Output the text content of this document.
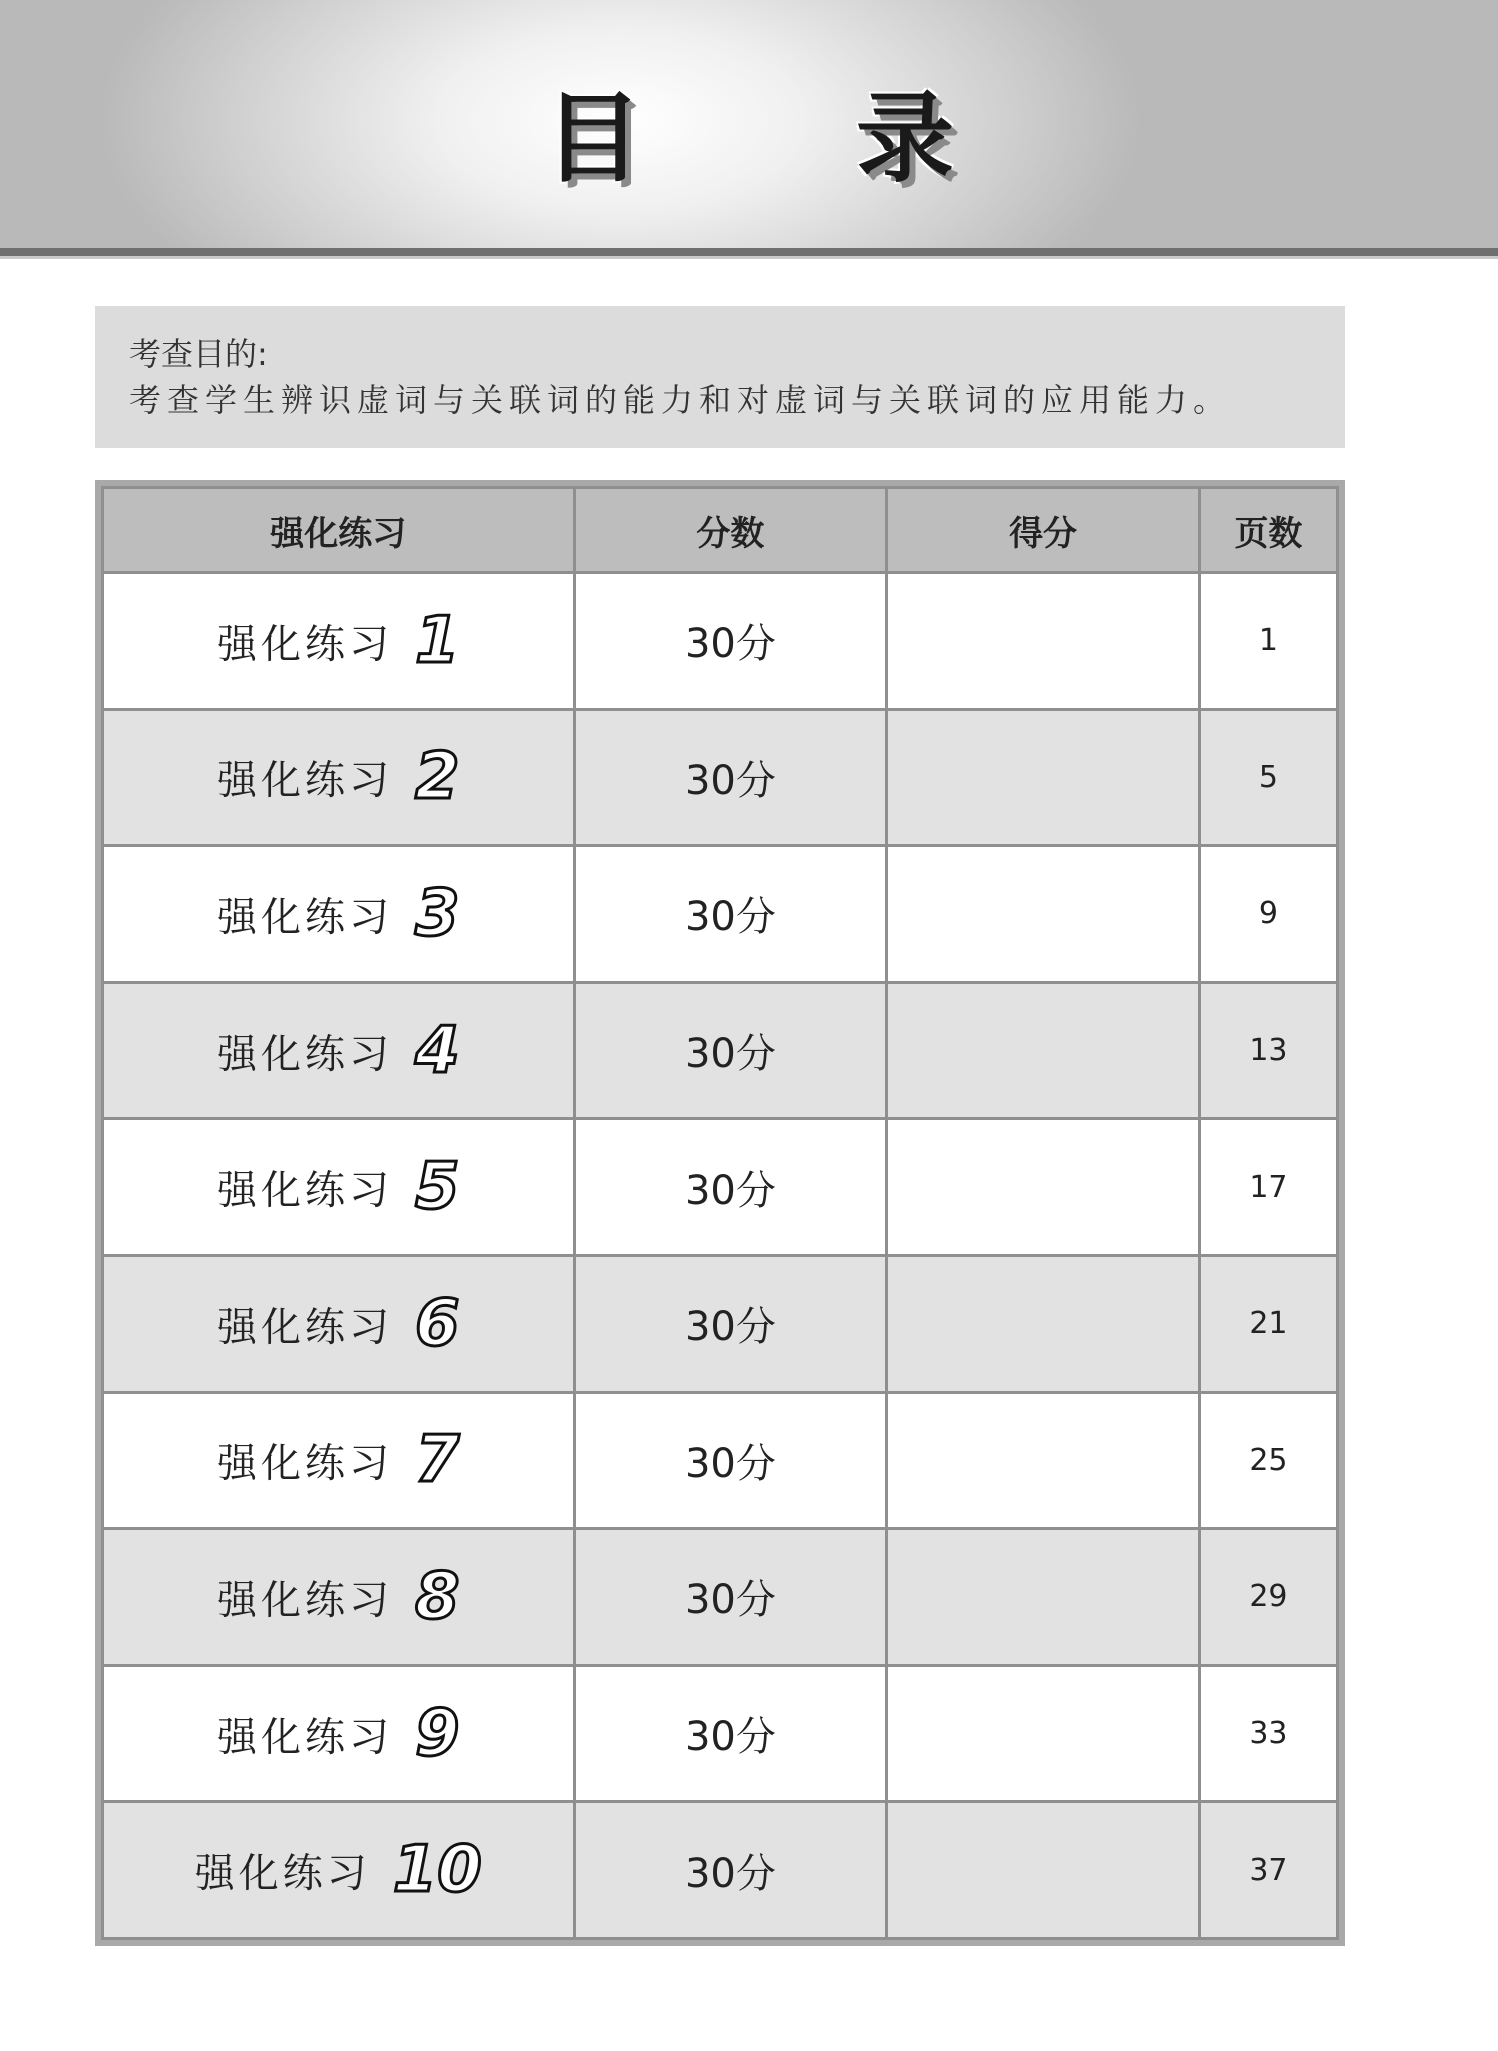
目 录
考查目的:
考查学生辨识虚词与关联词的能力和对虚词与关联词的应用能力。
强化练习	分数	得分	页数
强化练习 1	30分		1
强化练习 2	30分		5
强化练习 3	30分		9
强化练习 4	30分		13
强化练习 5	30分		17
强化练习 6	30分		21
强化练习 7	30分		25
强化练习 8	30分		29
强化练习 9	30分		33
强化练习 10	30分		37
